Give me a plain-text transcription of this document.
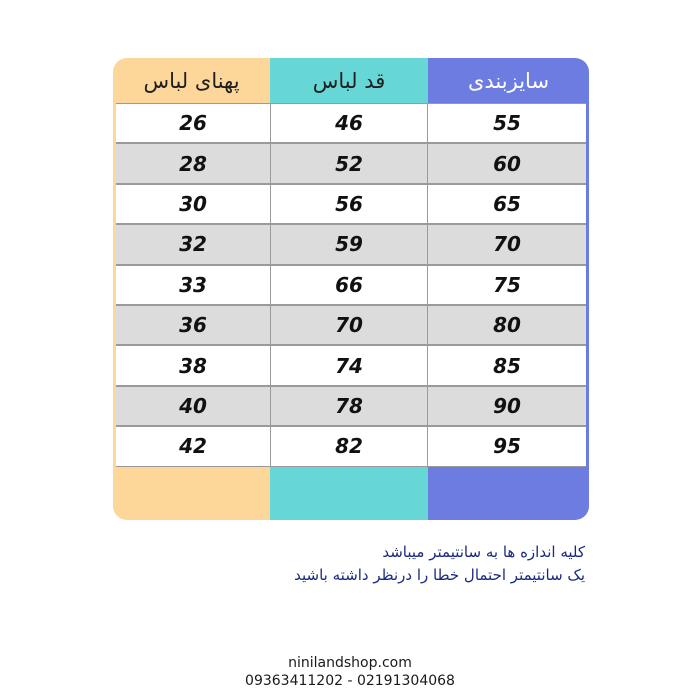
پهنای لباس	قد لباس	سایزبندی
26	46	55
28	52	60
30	56	65
32	59	70
33	66	75
36	70	80
38	74	85
40	78	90
42	82	95
کلیه اندازه ها به سانتیمتر میباشد
یک سانتیمتر احتمال خطا را درنظر داشته باشید
ninilandshop.com
09363411202 - 02191304068
